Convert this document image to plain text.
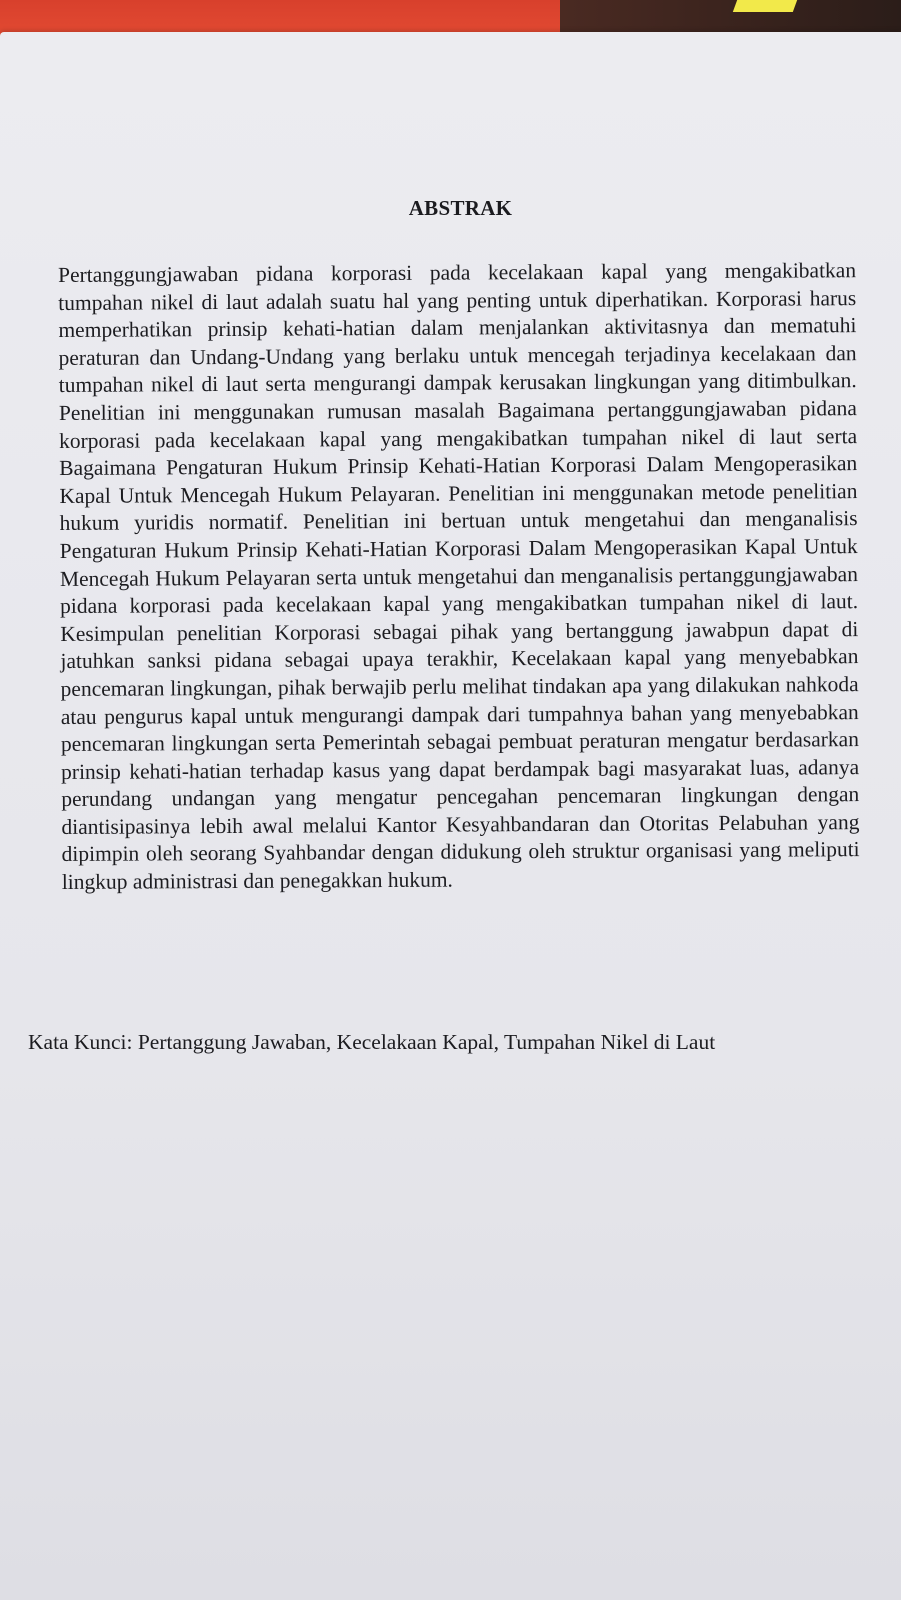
ABSTRAK

Pertanggungjawaban pidana korporasi pada kecelakaan kapal yang mengakibatkan tumpahan nikel di laut adalah suatu hal yang penting untuk diperhatikan. Korporasi harus memperhatikan prinsip kehati-hatian dalam menjalankan aktivitasnya dan mematuhi peraturan dan Undang-Undang yang berlaku untuk mencegah terjadinya kecelakaan dan tumpahan nikel di laut serta mengurangi dampak kerusakan lingkungan yang ditimbulkan. Penelitian ini menggunakan rumusan masalah Bagaimana pertanggungjawaban pidana korporasi pada kecelakaan kapal yang mengakibatkan tumpahan nikel di laut serta Bagaimana Pengaturan Hukum Prinsip Kehati-Hatian Korporasi Dalam Mengoperasikan Kapal Untuk Mencegah Hukum Pelayaran. Penelitian ini menggunakan metode penelitian hukum yuridis normatif. Penelitian ini bertuan untuk mengetahui dan menganalisis Pengaturan Hukum Prinsip Kehati-Hatian Korporasi Dalam Mengoperasikan Kapal Untuk Mencegah Hukum Pelayaran serta untuk mengetahui dan menganalisis pertanggungjawaban pidana korporasi pada kecelakaan kapal yang mengakibatkan tumpahan nikel di laut. Kesimpulan penelitian Korporasi sebagai pihak yang bertanggung jawabpun dapat di jatuhkan sanksi pidana sebagai upaya terakhir, Kecelakaan kapal yang menyebabkan pencemaran lingkungan, pihak berwajib perlu melihat tindakan apa yang dilakukan nahkoda atau pengurus kapal untuk mengurangi dampak dari tumpahnya bahan yang menyebabkan pencemaran lingkungan serta Pemerintah sebagai pembuat peraturan mengatur berdasarkan prinsip kehati-hatian terhadap kasus yang dapat berdampak bagi masyarakat luas, adanya perundang undangan yang mengatur pencegahan pencemaran lingkungan dengan diantisipasinya lebih awal melalui Kantor Kesyahbandaran dan Otoritas Pelabuhan yang dipimpin oleh seorang Syahbandar dengan didukung oleh struktur organisasi yang meliputi lingkup administrasi dan penegakkan hukum.

Kata Kunci: Pertanggung Jawaban, Kecelakaan Kapal, Tumpahan Nikel di Laut
